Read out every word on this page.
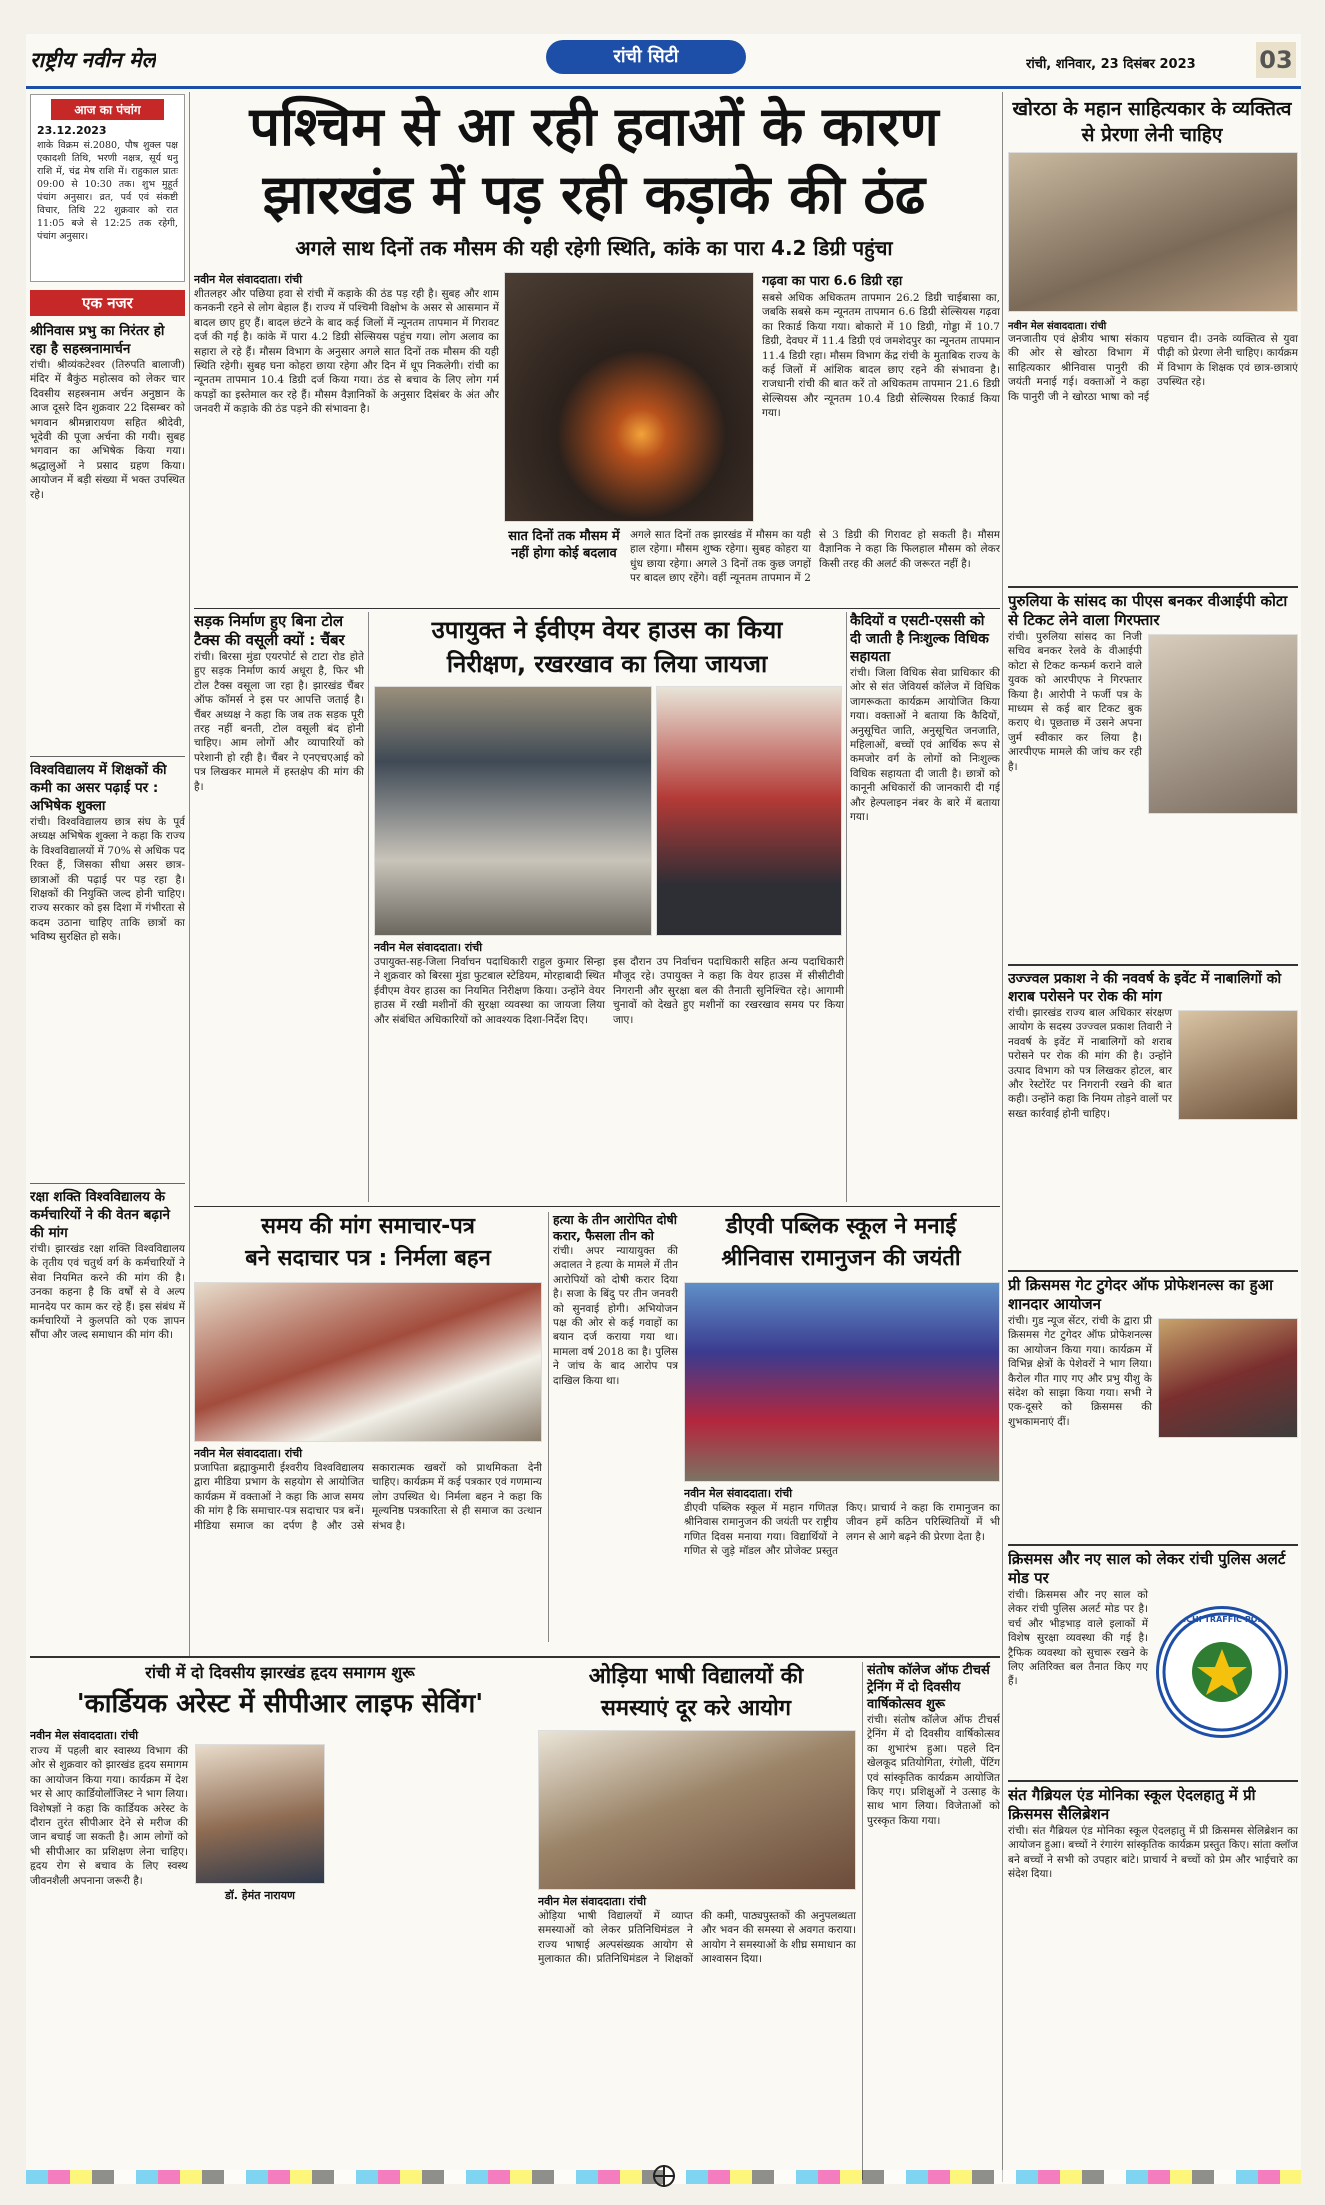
राष्ट्रीय नवीन मेल	रांची सिटी	रांची, शनिवार, 23 दिसंबर 2023	03
आज का पंचांग
23.12.2023
शाके विक्रम सं.2080, पौष शुक्ल पक्ष एकादशी तिथि, भरणी नक्षत्र, सूर्य धनु राशि में, चंद्र मेष राशि में। राहुकाल प्रातः 09:00 से 10:30 तक। शुभ मुहूर्त पंचांग अनुसार। व्रत, पर्व एवं संकष्टी विचार, तिथि 22 शुक्रवार को रात 11:05 बजे से 12:25 तक रहेगी, पंचांग अनुसार।
पश्चिम से आ रही हवाओं के कारण
झारखंड में पड़ रही कड़ाके की ठंढ
अगले साथ दिनों तक मौसम की यही रहेगी स्थिति, कांके का पारा 4.2 डिग्री पहुंचा
खोरठा के महान साहित्यकार के व्यक्तित्व से प्रेरणा लेनी चाहिए
नवीन मेल संवाददाता। रांची
जनजातीय एवं क्षेत्रीय भाषा संकाय की ओर से खोरठा विभाग में साहित्यकार श्रीनिवास पानुरी की जयंती मनाई गई। वक्ताओं ने कहा कि पानुरी जी ने खोरठा भाषा को नई पहचान दी। उनके व्यक्तित्व से युवा पीढ़ी को प्रेरणा लेनी चाहिए। कार्यक्रम में विभाग के शिक्षक एवं छात्र-छात्राएं उपस्थित रहे।
एक नजर
श्रीनिवास प्रभु का निरंतर हो रहा है सहस्त्रनामार्चन
रांची। श्रीव्यंकटेश्वर (तिरुपति बालाजी) मंदिर में बैकुंठ महोत्सव को लेकर चार दिवसीय सहस्त्रनाम अर्चन अनुष्ठान के आज दूसरे दिन शुक्रवार 22 दिसम्बर को भगवान श्रीमन्नारायण सहित श्रीदेवी, भूदेवी की पूजा अर्चना की गयी। सुबह भगवान का अभिषेक किया गया। श्रद्धालुओं ने प्रसाद ग्रहण किया। आयोजन में बड़ी संख्या में भक्त उपस्थित रहे।
विश्वविद्यालय में शिक्षकों की कमी का असर पढ़ाई पर : अभिषेक शुक्ला
रांची। विश्वविद्यालय छात्र संघ के पूर्व अध्यक्ष अभिषेक शुक्ला ने कहा कि राज्य के विश्वविद्यालयों में 70% से अधिक पद रिक्त हैं, जिसका सीधा असर छात्र-छात्राओं की पढ़ाई पर पड़ रहा है। शिक्षकों की नियुक्ति जल्द होनी चाहिए। राज्य सरकार को इस दिशा में गंभीरता से कदम उठाना चाहिए ताकि छात्रों का भविष्य सुरक्षित हो सके।
रक्षा शक्ति विश्वविद्यालय के कर्मचारियों ने की वेतन बढ़ाने की मांग
रांची। झारखंड रक्षा शक्ति विश्वविद्यालय के तृतीय एवं चतुर्थ वर्ग के कर्मचारियों ने सेवा नियमित करने की मांग की है। उनका कहना है कि वर्षों से वे अल्प मानदेय पर काम कर रहे हैं। इस संबंध में कर्मचारियों ने कुलपति को एक ज्ञापन सौंपा और जल्द समाधान की मांग की।
नवीन मेल संवाददाता। रांची
शीतलहर और पछिया हवा से रांची में कड़ाके की ठंड पड़ रही है। सुबह और शाम कनकनी रहने से लोग बेहाल हैं। राज्य में पश्चिमी विक्षोभ के असर से आसमान में बादल छाए हुए हैं। बादल छंटने के बाद कई जिलों में न्यूनतम तापमान में गिरावट दर्ज की गई है। कांके में पारा 4.2 डिग्री सेल्सियस पहुंच गया। लोग अलाव का सहारा ले रहे हैं। मौसम विभाग के अनुसार अगले सात दिनों तक मौसम की यही स्थिति रहेगी। सुबह घना कोहरा छाया रहेगा और दिन में धूप निकलेगी। रांची का न्यूनतम तापमान 10.4 डिग्री दर्ज किया गया। ठंड से बचाव के लिए लोग गर्म कपड़ों का इस्तेमाल कर रहे हैं। मौसम वैज्ञानिकों के अनुसार दिसंबर के अंत और जनवरी में कड़ाके की ठंड पड़ने की संभावना है।
सात दिनों तक मौसम में नहीं होगा कोई बदलाव
अगले सात दिनों तक झारखंड में मौसम का यही हाल रहेगा। मौसम शुष्क रहेगा। सुबह कोहरा या धुंध छाया रहेगा। अगले 3 दिनों तक कुछ जगहों पर बादल छाए रहेंगे। वहीं न्यूनतम तापमान में 2 से 3 डिग्री की गिरावट हो सकती है। मौसम वैज्ञानिक ने कहा कि फिलहाल मौसम को लेकर किसी तरह की अलर्ट की जरूरत नहीं है।
गढ़वा का पारा 6.6 डिग्री रहा
सबसे अधिक अधिकतम तापमान 26.2 डिग्री चाईबासा का, जबकि सबसे कम न्यूनतम तापमान 6.6 डिग्री सेल्सियस गढ़वा का रिकार्ड किया गया। बोकारो में 10 डिग्री, गोड्डा में 10.7 डिग्री, देवघर में 11.4 डिग्री एवं जमशेदपुर का न्यूनतम तापमान 11.4 डिग्री रहा। मौसम विभाग केंद्र रांची के मुताबिक राज्य के कई जिलों में आंशिक बादल छाए रहने की संभावना है। राजधानी रांची की बात करें तो अधिकतम तापमान 21.6 डिग्री सेल्सियस और न्यूनतम 10.4 डिग्री सेल्सियस रिकार्ड किया गया।
सड़क निर्माण हुए बिना टोल टैक्स की वसूली क्यों : चैंबर
रांची। बिरसा मुंडा एयरपोर्ट से टाटा रोड होते हुए सड़क निर्माण कार्य अधूरा है, फिर भी टोल टैक्स वसूला जा रहा है। झारखंड चैंबर ऑफ कॉमर्स ने इस पर आपत्ति जताई है। चैंबर अध्यक्ष ने कहा कि जब तक सड़क पूरी तरह नहीं बनती, टोल वसूली बंद होनी चाहिए। आम लोगों और व्यापारियों को परेशानी हो रही है। चैंबर ने एनएचएआई को पत्र लिखकर मामले में हस्तक्षेप की मांग की है।
उपायुक्त ने ईवीएम वेयर हाउस का किया
निरीक्षण, रखरखाव का लिया जायजा
नवीन मेल संवाददाता। रांची
उपायुक्त-सह-जिला निर्वाचन पदाधिकारी राहुल कुमार सिन्हा ने शुक्रवार को बिरसा मुंडा फुटबाल स्टेडियम, मोरहाबादी स्थित ईवीएम वेयर हाउस का नियमित निरीक्षण किया। उन्होंने वेयर हाउस में रखी मशीनों की सुरक्षा व्यवस्था का जायजा लिया और संबंधित अधिकारियों को आवश्यक दिशा-निर्देश दिए।
इस दौरान उप निर्वाचन पदाधिकारी सहित अन्य पदाधिकारी मौजूद रहे। उपायुक्त ने कहा कि वेयर हाउस में सीसीटीवी निगरानी और सुरक्षा बल की तैनाती सुनिश्चित रहे। आगामी चुनावों को देखते हुए मशीनों का रखरखाव समय पर किया जाए।
कैदियों व एसटी-एससी को दी जाती है निःशुल्क विधिक सहायता
रांची। जिला विधिक सेवा प्राधिकार की ओर से संत जेवियर्स कॉलेज में विधिक जागरूकता कार्यक्रम आयोजित किया गया। वक्ताओं ने बताया कि कैदियों, अनुसूचित जाति, अनुसूचित जनजाति, महिलाओं, बच्चों एवं आर्थिक रूप से कमजोर वर्ग के लोगों को निःशुल्क विधिक सहायता दी जाती है। छात्रों को कानूनी अधिकारों की जानकारी दी गई और हेल्पलाइन नंबर के बारे में बताया गया।
पुरुलिया के सांसद का पीएस बनकर वीआईपी कोटा से टिकट लेने वाला गिरफ्तार
रांची। पुरुलिया सांसद का निजी सचिव बनकर रेलवे के वीआईपी कोटा से टिकट कन्फर्म कराने वाले युवक को आरपीएफ ने गिरफ्तार किया है। आरोपी ने फर्जी पत्र के माध्यम से कई बार टिकट बुक कराए थे। पूछताछ में उसने अपना जुर्म स्वीकार कर लिया है। आरपीएफ मामले की जांच कर रही है।
उज्ज्वल प्रकाश ने की नववर्ष के इवेंट में नाबालिगों को शराब परोसने पर रोक की मांग
रांची। झारखंड राज्य बाल अधिकार संरक्षण आयोग के सदस्य उज्ज्वल प्रकाश तिवारी ने नववर्ष के इवेंट में नाबालिगों को शराब परोसने पर रोक की मांग की है। उन्होंने उत्पाद विभाग को पत्र लिखकर होटल, बार और रेस्टोरेंट पर निगरानी रखने की बात कही। उन्होंने कहा कि नियम तोड़ने वालों पर सख्त कार्रवाई होनी चाहिए।
प्री क्रिसमस गेट टुगेदर ऑफ प्रोफेशनल्स का हुआ शानदार आयोजन
रांची। गुड न्यूज सेंटर, रांची के द्वारा प्री क्रिसमस गेट टुगेदर ऑफ प्रोफेशनल्स का आयोजन किया गया। कार्यक्रम में विभिन्न क्षेत्रों के पेशेवरों ने भाग लिया। कैरोल गीत गाए गए और प्रभु यीशु के संदेश को साझा किया गया। सभी ने एक-दूसरे को क्रिसमस की शुभकामनाएं दीं।
क्रिसमस और नए साल को लेकर रांची पुलिस अलर्ट मोड पर
रांची। क्रिसमस और नए साल को लेकर रांची पुलिस अलर्ट मोड पर है। चर्च और भीड़भाड़ वाले इलाकों में विशेष सुरक्षा व्यवस्था की गई है। ट्रैफिक व्यवस्था को सुचारू रखने के लिए अतिरिक्त बल तैनात किए गए हैं।
RANCHI TRAFFIC POLICE
संत गैब्रियल एंड मोनिका स्कूल ऐदलहातु में प्री क्रिसमस सैलिब्रेशन
रांची। संत गैब्रियल एंड मोनिका स्कूल ऐदलहातु में प्री क्रिसमस सेलिब्रेशन का आयोजन हुआ। बच्चों ने रंगारंग सांस्कृतिक कार्यक्रम प्रस्तुत किए। सांता क्लॉज बने बच्चों ने सभी को उपहार बांटे। प्राचार्य ने बच्चों को प्रेम और भाईचारे का संदेश दिया।
समय की मांग समाचार-पत्र
बने सदाचार पत्र : निर्मला बहन
नवीन मेल संवाददाता। रांची
प्रजापिता ब्रह्माकुमारी ईश्वरीय विश्वविद्यालय द्वारा मीडिया प्रभाग के सहयोग से आयोजित कार्यक्रम में वक्ताओं ने कहा कि आज समय की मांग है कि समाचार-पत्र सदाचार पत्र बनें। मीडिया समाज का दर्पण है और उसे सकारात्मक खबरों को प्राथमिकता देनी चाहिए। कार्यक्रम में कई पत्रकार एवं गणमान्य लोग उपस्थित थे। निर्मला बहन ने कहा कि मूल्यनिष्ठ पत्रकारिता से ही समाज का उत्थान संभव है।
हत्या के तीन आरोपित दोषी करार, फैसला तीन को
रांची। अपर न्यायायुक्त की अदालत ने हत्या के मामले में तीन आरोपियों को दोषी करार दिया है। सजा के बिंदु पर तीन जनवरी को सुनवाई होगी। अभियोजन पक्ष की ओर से कई गवाहों का बयान दर्ज कराया गया था। मामला वर्ष 2018 का है। पुलिस ने जांच के बाद आरोप पत्र दाखिल किया था।
डीएवी पब्लिक स्कूल ने मनाई
श्रीनिवास रामानुजन की जयंती
नवीन मेल संवाददाता। रांची
डीएवी पब्लिक स्कूल में महान गणितज्ञ श्रीनिवास रामानुजन की जयंती पर राष्ट्रीय गणित दिवस मनाया गया। विद्यार्थियों ने गणित से जुड़े मॉडल और प्रोजेक्ट प्रस्तुत किए। प्राचार्य ने कहा कि रामानुजन का जीवन हमें कठिन परिस्थितियों में भी लगन से आगे बढ़ने की प्रेरणा देता है।
रांची में दो दिवसीय झारखंड हृदय समागम शुरू
'कार्डियक अरेस्ट में सीपीआर लाइफ सेविंग'
नवीन मेल संवाददाता। रांची
डॉ. हेमंत नारायण
राज्य में पहली बार स्वास्थ्य विभाग की ओर से शुक्रवार को झारखंड हृदय समागम का आयोजन किया गया। कार्यक्रम में देश भर से आए कार्डियोलॉजिस्ट ने भाग लिया। विशेषज्ञों ने कहा कि कार्डियक अरेस्ट के दौरान तुरंत सीपीआर देने से मरीज की जान बचाई जा सकती है। आम लोगों को भी सीपीआर का प्रशिक्षण लेना चाहिए। हृदय रोग से बचाव के लिए स्वस्थ जीवनशैली अपनाना जरूरी है।
ओड़िया भाषी विद्यालयों की
समस्याएं दूर करे आयोग
नवीन मेल संवाददाता। रांची
ओड़िया भाषी विद्यालयों में व्याप्त समस्याओं को लेकर प्रतिनिधिमंडल ने राज्य भाषाई अल्पसंख्यक आयोग से मुलाकात की। प्रतिनिधिमंडल ने शिक्षकों की कमी, पाठ्यपुस्तकों की अनुपलब्धता और भवन की समस्या से अवगत कराया। आयोग ने समस्याओं के शीघ्र समाधान का आश्वासन दिया।
संतोष कॉलेज ऑफ टीचर्स ट्रेनिंग में दो दिवसीय वार्षिकोत्सव शुरू
रांची। संतोष कॉलेज ऑफ टीचर्स ट्रेनिंग में दो दिवसीय वार्षिकोत्सव का शुभारंभ हुआ। पहले दिन खेलकूद प्रतियोगिता, रंगोली, पेंटिंग एवं सांस्कृतिक कार्यक्रम आयोजित किए गए। प्रशिक्षुओं ने उत्साह के साथ भाग लिया। विजेताओं को पुरस्कृत किया गया।
